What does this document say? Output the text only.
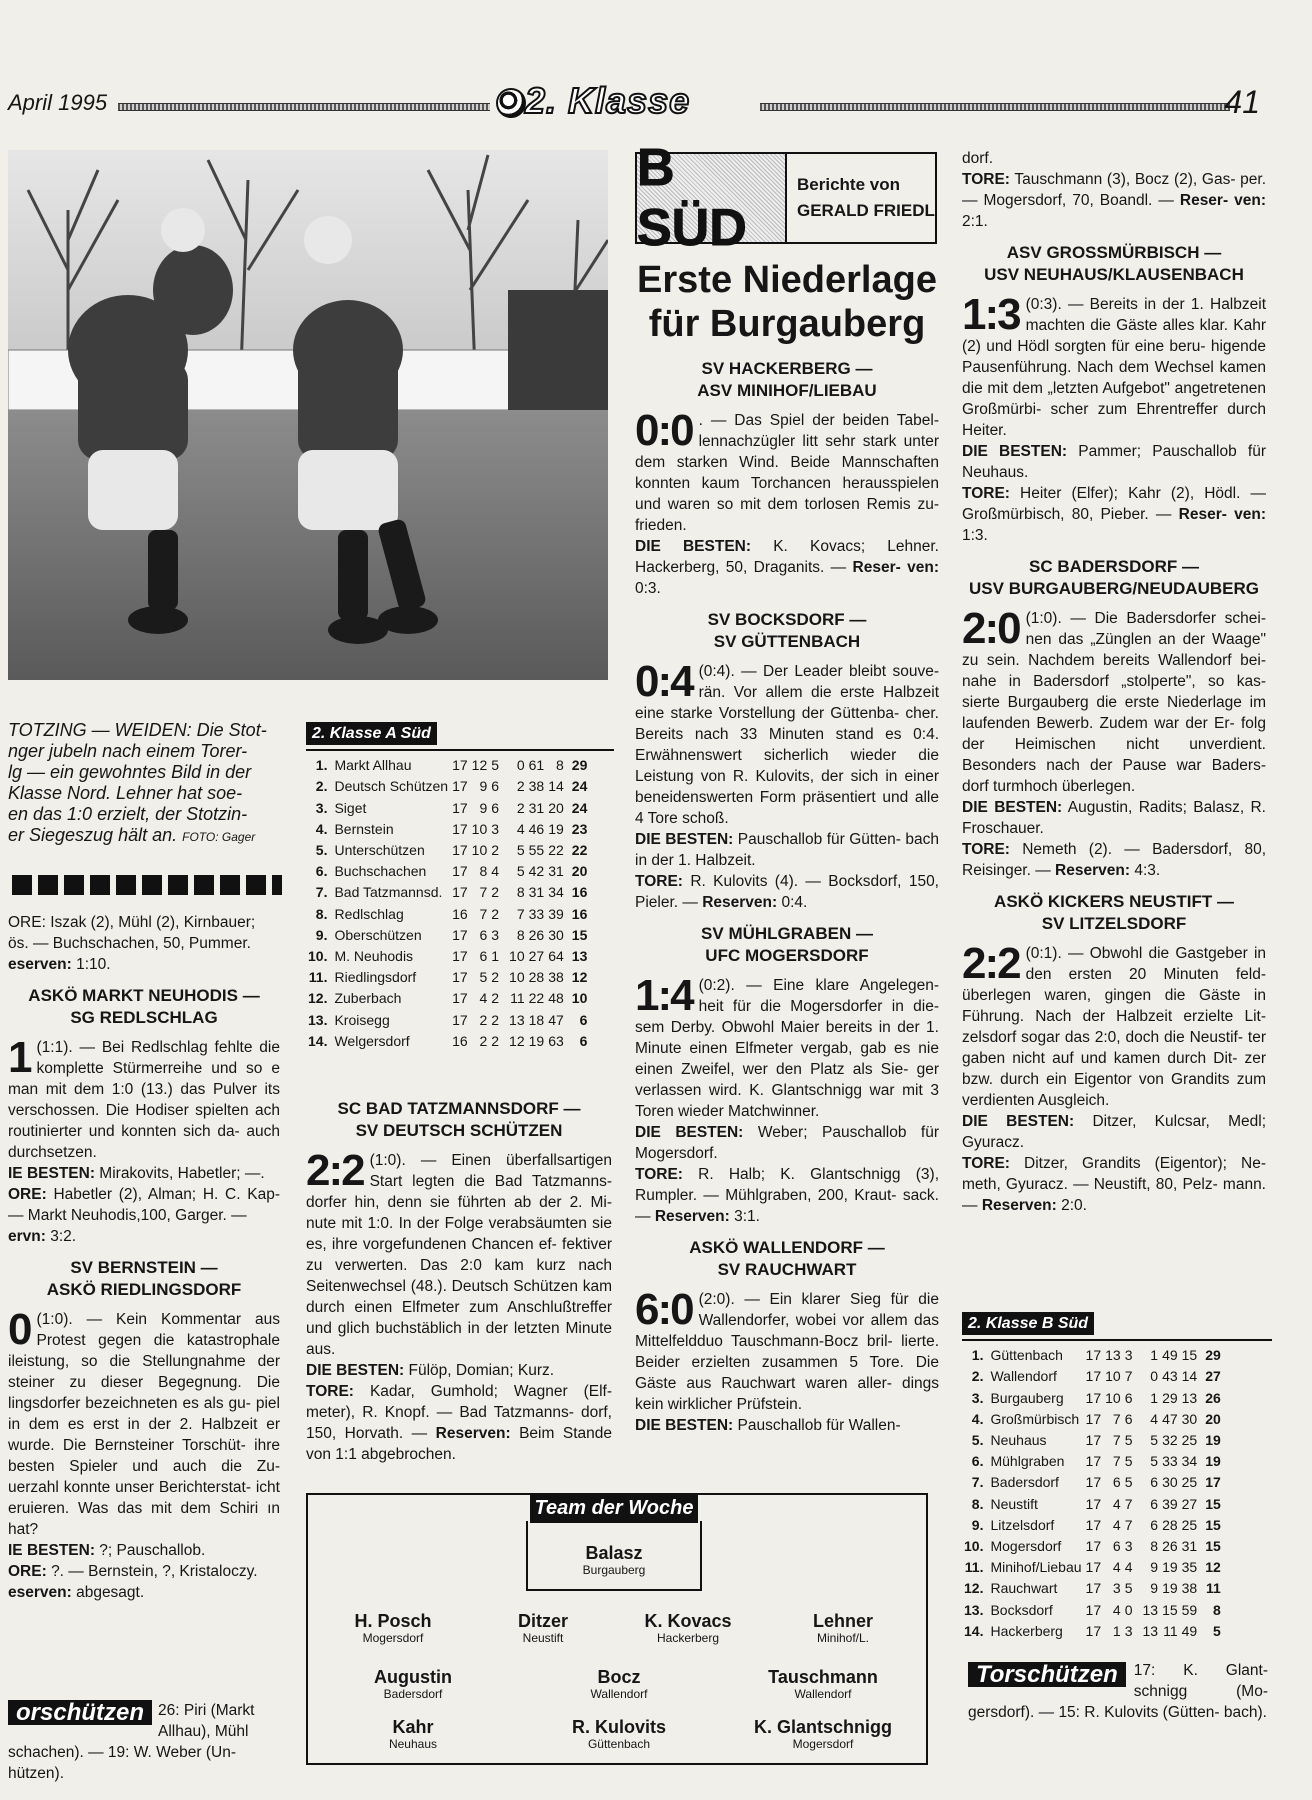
April 1995	2. Klasse	41
TOTZING — WEIDEN: Die Stot-
nger jubeln nach einem Torer-
lg — ein gewohntes Bild in der
Klasse Nord. Lehner hat soe-
en das 1:0 erzielt, der Stotzin-
er Siegeszug hält an. FOTO: Gager

ORE: Iszak (2), Mühl (2), Kirnbauer;

ös. — Buchschachen, 50, Pummer.

eserven: 1:10.

ASKÖ MARKT NEUHODIS —
SG REDLSCHLAG

1 (1:1). — Bei Redlschlag fehlte die komplette Stürmerreihe und so e man mit dem 1:0 (13.) das Pulver its verschossen. Die Hodiser spielten ach routinierter und konnten sich da- auch durchsetzen.

IE BESTEN: Mirakovits, Habetler; —.

ORE: Habetler (2), Alman; H. C. Kap- — Markt Neuhodis,100, Garger. —

ervn: 3:2.

SV BERNSTEIN —
ASKÖ RIEDLINGSDORF

0 (1:0). — Kein Kommentar aus Protest gegen die katastrophale ileistung, so die Stellungnahme der steiner zu dieser Begegnung. Die lingsdorfer bezeichneten es als gu- piel in dem es erst in der 2. Halbzeit er wurde. Die Bernsteiner Torschüt- ihre besten Spieler und auch die Zu- uerzahl konnte unser Berichterstat- icht eruieren. Was das mit dem Schiri ın hat?

IE BESTEN: ?; Pauschallob.

ORE: ?. — Bernstein, ?, Kristaloczy.

eserven: abgesagt.

orschützen 26: Piri (Markt Allhau), Mühl
schachen). — 19: W. Weber (Un- hützen).
2. Klasse A Süd
1.	Markt Allhau	17	12	5	0	61	8	29
2.	Deutsch Schützen	17	9	6	2	38	14	24
3.	Siget	17	9	6	2	31	20	24
4.	Bernstein	17	10	3	4	46	19	23
5.	Unterschützen	17	10	2	5	55	22	22
6.	Buchschachen	17	8	4	5	42	31	20
7.	Bad Tatzmannsd.	17	7	2	8	31	34	16
8.	Redlschlag	16	7	2	7	33	39	16
9.	Oberschützen	17	6	3	8	26	30	15
10.	M. Neuhodis	17	6	1	10	27	64	13
11.	Riedlingsdorf	17	5	2	10	28	38	12
12.	Zuberbach	17	4	2	11	22	48	10
13.	Kroisegg	17	2	2	13	18	47	6
14.	Welgersdorf	16	2	2	12	19	63	6
SC BAD TATZMANNSDORF —
SV DEUTSCH SCHÜTZEN

2:2 (1:0). — Einen überfallsartigen Start legten die Bad Tatzmanns- dorfer hin, denn sie führten ab der 2. Mi- nute mit 1:0. In der Folge verabsäumten sie es, ihre vorgefundenen Chancen ef- fektiver zu verwerten. Das 2:0 kam kurz nach Seitenwechsel (48.). Deutsch Schützen kam durch einen Elfmeter zum Anschlußtreffer und glich buchstäblich in der letzten Minute aus.

DIE BESTEN: Fülöp, Domian; Kurz.

TORE: Kadar, Gumhold; Wagner (Elf- meter), R. Knopf. — Bad Tatzmanns- dorf, 150, Horvath. — Reserven: Beim Stande von 1:1 abgebrochen.

Team der Woche
Balasz
Burgauberg
H. Posch
Mogersdorf
Ditzer
Neustift
K. Kovacs
Hackerberg
Lehner
Minihof/L.
Augustin
Badersdorf
Bocz
Wallendorf
Tauschmann
Wallendorf
Kahr
Neuhaus
R. Kulovits
Güttenbach
K. Glantschnigg
Mogersdorf
B SÜD
Berichte von
GERALD FRIEDL
Erste Niederlage
für Burgauberg
SV HACKERBERG —
ASV MINIHOF/LIEBAU

0:0 . — Das Spiel der beiden Tabel- lennachzügler litt sehr stark unter dem starken Wind. Beide Mannschaften konnten kaum Torchancen herausspielen und waren so mit dem torlosen Remis zu- frieden.

DIE BESTEN: K. Kovacs; Lehner. Hackerberg, 50, Draganits. — Reser- ven: 0:3.

SV BOCKSDORF —
SV GÜTTENBACH

0:4 (0:4). — Der Leader bleibt souve- rän. Vor allem die erste Halbzeit eine starke Vorstellung der Güttenba- cher. Bereits nach 33 Minuten stand es 0:4. Erwähnenswert sicherlich wieder die Leistung von R. Kulovits, der sich in einer beneidenswerten Form präsentiert und alle 4 Tore schoß.

DIE BESTEN: Pauschallob für Gütten- bach in der 1. Halbzeit.

TORE: R. Kulovits (4). — Bocksdorf, 150, Pieler. — Reserven: 0:4.

SV MÜHLGRABEN —
UFC MOGERSDORF

1:4 (0:2). — Eine klare Angelegen- heit für die Mogersdorfer in die- sem Derby. Obwohl Maier bereits in der 1. Minute einen Elfmeter vergab, gab es nie einen Zweifel, wer den Platz als Sie- ger verlassen wird. K. Glantschnigg war mit 3 Toren wieder Matchwinner.

DIE BESTEN: Weber; Pauschallob für Mogersdorf.

TORE: R. Halb; K. Glantschnigg (3), Rumpler. — Mühlgraben, 200, Kraut- sack. — Reserven: 3:1.

ASKÖ WALLENDORF —
SV RAUCHWART

6:0 (2:0). — Ein klarer Sieg für die Wallendorfer, wobei vor allem das Mittelfeldduo Tauschmann-Bocz bril- lierte. Beider erzielten zusammen 5 Tore. Die Gäste aus Rauchwart waren aller- dings kein wirklicher Prüfstein.

DIE BESTEN: Pauschallob für Wallen-

dorf.

TORE: Tauschmann (3), Bocz (2), Gas- per. — Mogersdorf, 70, Boandl. — Reser- ven: 2:1.

ASV GROSSMÜRBISCH —
USV NEUHAUS/KLAUSENBACH

1:3 (0:3). — Bereits in der 1. Halbzeit machten die Gäste alles klar. Kahr (2) und Hödl sorgten für eine beru- higende Pausenführung. Nach dem Wechsel kamen die mit dem „letzten Aufgebot" angetretenen Großmürbi- scher zum Ehrentreffer durch Heiter.

DIE BESTEN: Pammer; Pauschallob für Neuhaus.

TORE: Heiter (Elfer); Kahr (2), Hödl. — Großmürbisch, 80, Pieber. — Reser- ven: 1:3.

SC BADERSDORF —
USV BURGAUBERG/NEUDAUBERG

2:0 (1:0). — Die Badersdorfer schei- nen das „Zünglen an der Waage" zu sein. Nachdem bereits Wallendorf bei- nahe in Badersdorf „stolperte", so kas- sierte Burgauberg die erste Niederlage im laufenden Bewerb. Zudem war der Er- folg der Heimischen nicht unverdient. Besonders nach der Pause war Baders- dorf turmhoch überlegen.

DIE BESTEN: Augustin, Radits; Balasz, R. Froschauer.

TORE: Nemeth (2). — Badersdorf, 80, Reisinger. — Reserven: 4:3.

ASKÖ KICKERS NEUSTIFT —
SV LITZELSDORF

2:2 (0:1). — Obwohl die Gastgeber in den ersten 20 Minuten feld- überlegen waren, gingen die Gäste in Führung. Nach der Halbzeit erzielte Lit- zelsdorf sogar das 2:0, doch die Neustif- ter gaben nicht auf und kamen durch Dit- zer bzw. durch ein Eigentor von Grandits zum verdienten Ausgleich.

DIE BESTEN: Ditzer, Kulcsar, Medl; Gyuracz.

TORE: Ditzer, Grandits (Eigentor); Ne- meth, Gyuracz. — Neustift, 80, Pelz- mann. — Reserven: 2:0.

2. Klasse B Süd
1.	Güttenbach	17	13	3	1	49	15	29
2.	Wallendorf	17	10	7	0	43	14	27
3.	Burgauberg	17	10	6	1	29	13	26
4.	Großmürbisch	17	7	6	4	47	30	20
5.	Neuhaus	17	7	5	5	32	25	19
6.	Mühlgraben	17	7	5	5	33	34	19
7.	Badersdorf	17	6	5	6	30	25	17
8.	Neustift	17	4	7	6	39	27	15
9.	Litzelsdorf	17	4	7	6	28	25	15
10.	Mogersdorf	17	6	3	8	26	31	15
11.	Minihof/Liebau	17	4	4	9	19	35	12
12.	Rauchwart	17	3	5	9	19	38	11
13.	Bocksdorf	17	4	0	13	15	59	8
14.	Hackerberg	17	1	3	13	11	49	5
Torschützen	17: K. Glant- schnigg (Mo- gersdorf). — 15: R. Kulovits (Gütten- bach).
